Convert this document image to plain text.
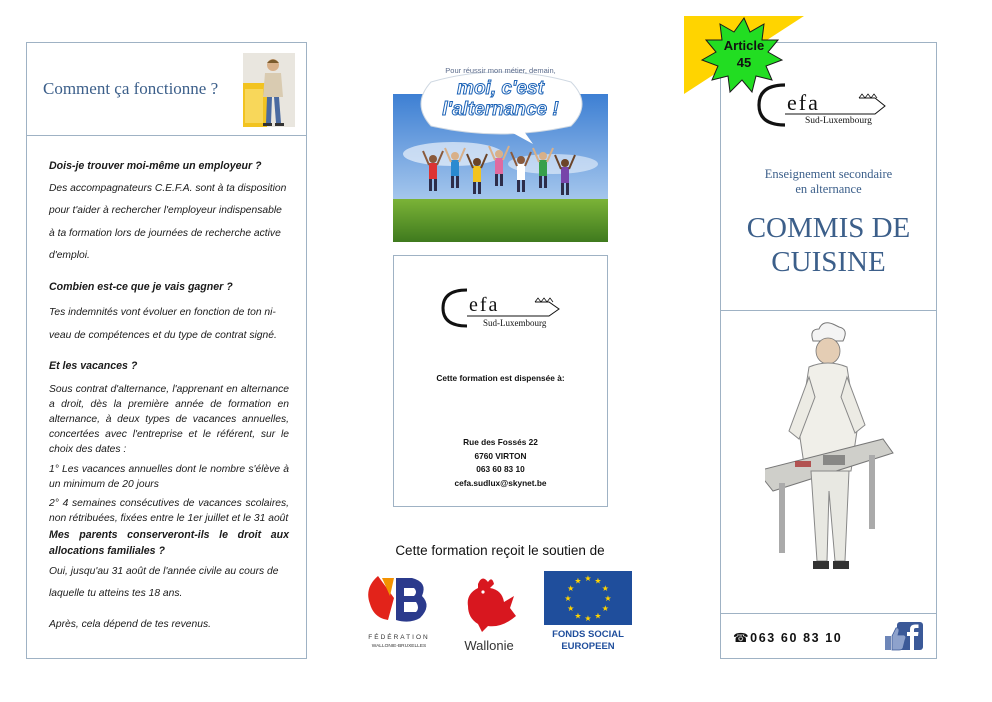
Comment ça fonctionne ?

Dois-je trouver moi-même un employeur ?

Des accompagnateurs C.E.F.A. sont à ta disposition

pour t'aider à rechercher l'employeur indispensable

à ta formation lors de journées de recherche active

d'emploi.

Combien est-ce que je vais gagner ?

Tes indemnités vont évoluer en fonction de ton ni-

veau de compétences et du type de contrat signé.

Et les vacances ?

Sous contrat d'alternance, l'apprenant en alternance a droit, dès la première année de formation en alternance, à deux types de vacances annuelles, concertées avec l'entreprise et le référent, sur le choix des dates :

1° Les vacances annuelles dont le nombre s'élève à un minimum de 20 jours

2° 4 semaines consécutives de vacances scolaires, non rétribuées, fixées entre le 1er juillet et le 31 août

Mes parents conserveront-ils le droit aux allocations familiales ?

Oui, jusqu'au 31 août de l'année civile au cours de

laquelle tu atteins tes 18 ans.

Après, cela dépend de tes revenus.

Pour réussir mon métier, demain,
moi, c'est
l'alternance !
efa
Sud-Luxembourg
Cette formation est dispensée à:
Rue des Fossés 22
6760 VIRTON
063 60 83 10
cefa.sudlux@skynet.be
Cette formation reçoit le soutien de
FÉDÉRATION
WALLONIE-BRUXELLES	Wallonie
★ ★
★
★
★
★
★
★
★
★
★
★
FONDS SOCIAL
EUROPEEN
efa
Sud-Luxembourg
Enseignement secondaire
en alternance
COMMIS DE
CUISINE
☎063 60 83 10
Article
45
